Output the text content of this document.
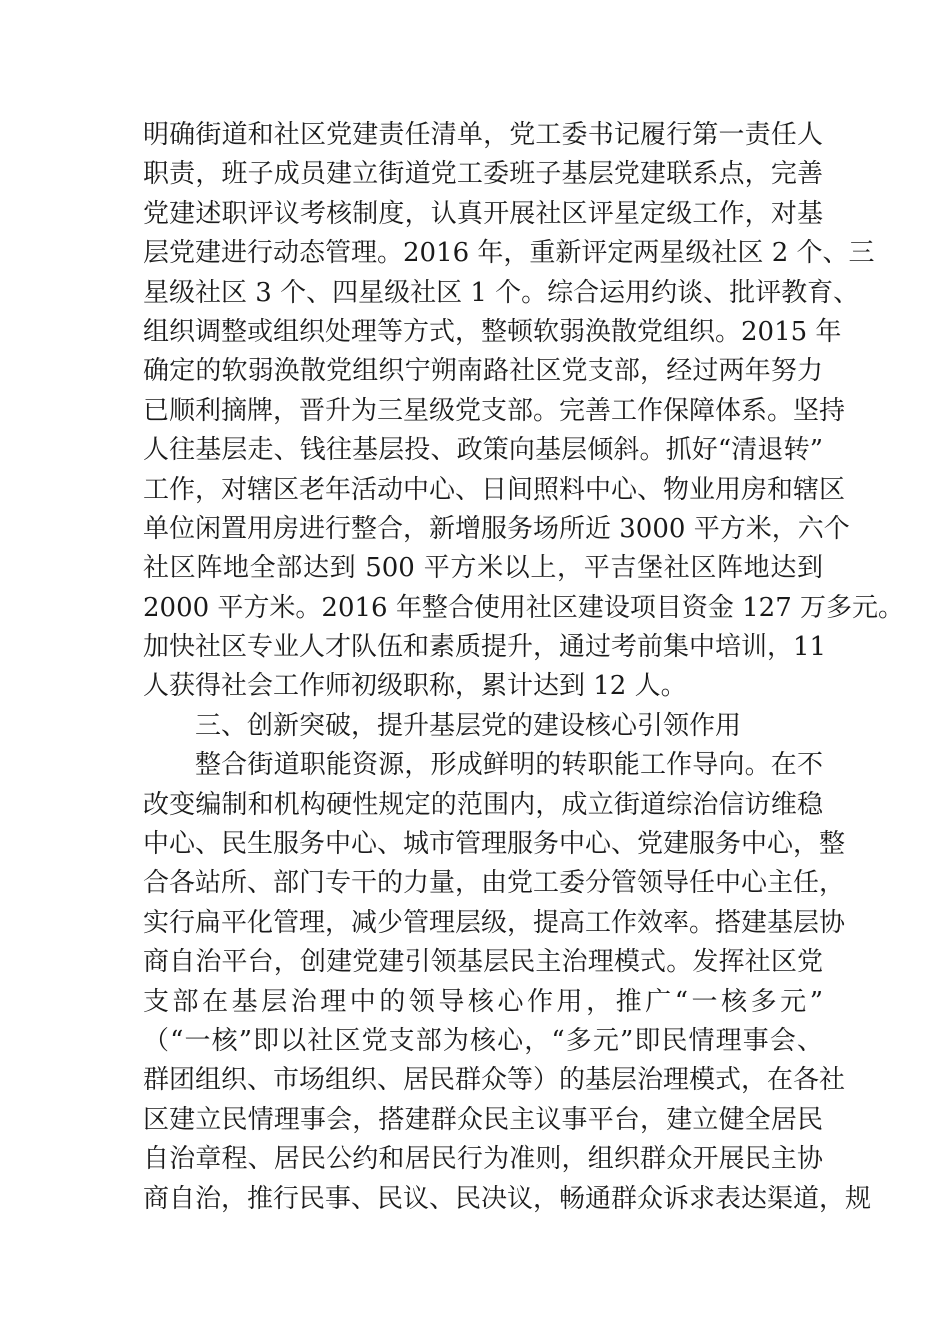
明确街道和社区党建责任清单，党工委书记履行第一责任人
职责，班子成员建立街道党工委班子基层党建联系点，完善
党建述职评议考核制度，认真开展社区评星定级工作，对基
层党建进行动态管理。2016 年，重新评定两星级社区 2 个、三
星级社区 3 个、四星级社区 1 个。综合运用约谈、批评教育、
组织调整或组织处理等方式，整顿软弱涣散党组织。2015 年
确定的软弱涣散党组织宁朔南路社区党支部，经过两年努力
已顺利摘牌，晋升为三星级党支部。完善工作保障体系。坚持
人往基层走、钱往基层投、政策向基层倾斜。抓好“清退转”
工作，对辖区老年活动中心、日间照料中心、物业用房和辖区
单位闲置用房进行整合，新增服务场所近 3000 平方米，六个
社区阵地全部达到 500 平方米以上，平吉堡社区阵地达到
2000 平方米。2016 年整合使用社区建设项目资金 127 万多元。
加快社区专业人才队伍和素质提升，通过考前集中培训，11
人获得社会工作师初级职称，累计达到 12 人。
三、创新突破，提升基层党的建设核心引领作用
整合街道职能资源，形成鲜明的转职能工作导向。在不
改变编制和机构硬性规定的范围内，成立街道综治信访维稳
中心、民生服务中心、城市管理服务中心、党建服务中心，整
合各站所、部门专干的力量，由党工委分管领导任中心主任，
实行扁平化管理，减少管理层级，提高工作效率。搭建基层协
商自治平台，创建党建引领基层民主治理模式。发挥社区党
支部在基层治理中的领导核心作用，推广“一核多元”
（“一核”即以社区党支部为核心，“多元”即民情理事会、
群团组织、市场组织、居民群众等）的基层治理模式，在各社
区建立民情理事会，搭建群众民主议事平台，建立健全居民
自治章程、居民公约和居民行为准则，组织群众开展民主协
商自治，推行民事、民议、民决议，畅通群众诉求表达渠道，规
